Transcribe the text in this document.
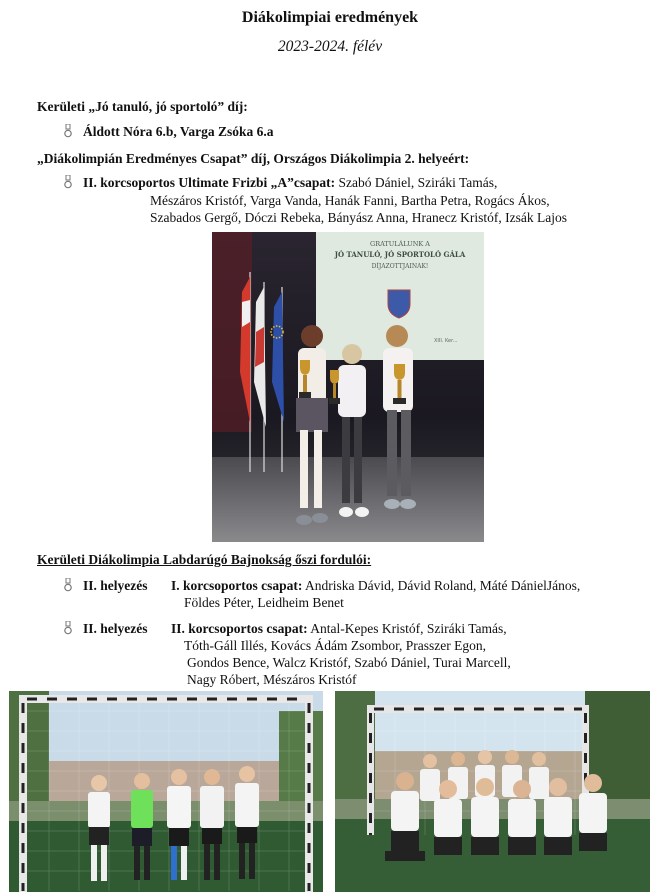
Diákolimpiai eredmények
2023-2024. félév
Kerületi „Jó tanuló, jó sportoló” díj:
Áldott Nóra 6.b, Varga Zsóka 6.a
„Diákolimpián Eredményes Csapat” díj, Országos Diákolimpia 2. helyeért:
II. korcsoportos Ultimate Frizbi „A”csapat: Szabó Dániel, Sziráki Tamás,
Mészáros Kristóf, Varga Vanda, Hanák Fanni, Bartha Petra, Rogács Ákos,
Szabados Gergő, Dóczi Rebeka, Bányász Anna, Hranecz Kristóf, Izsák Lajos
GRATULÁLUNK A
JÓ TANULÓ, JÓ SPORTOLÓ GÁLA
DÍJAZOTTJAINAK!
XIII. Ker...
Kerületi Diákolimpia Labdarúgó Bajnokság őszi fordulói:
II. helyezés I. korcsoportos csapat: Andriska Dávid, Dávid Roland, Máté DánielJános,
Földes Péter, Leidheim Benet
II. helyezés II. korcsoportos csapat: Antal-Kepes Kristóf, Sziráki Tamás,
Tóth-Gáll Illés, Kovács Ádám Zsombor, Prasszer Egon,
Gondos Bence, Walcz Kristóf, Szabó Dániel, Turai Marcell,
Nagy Róbert, Mészáros Kristóf
